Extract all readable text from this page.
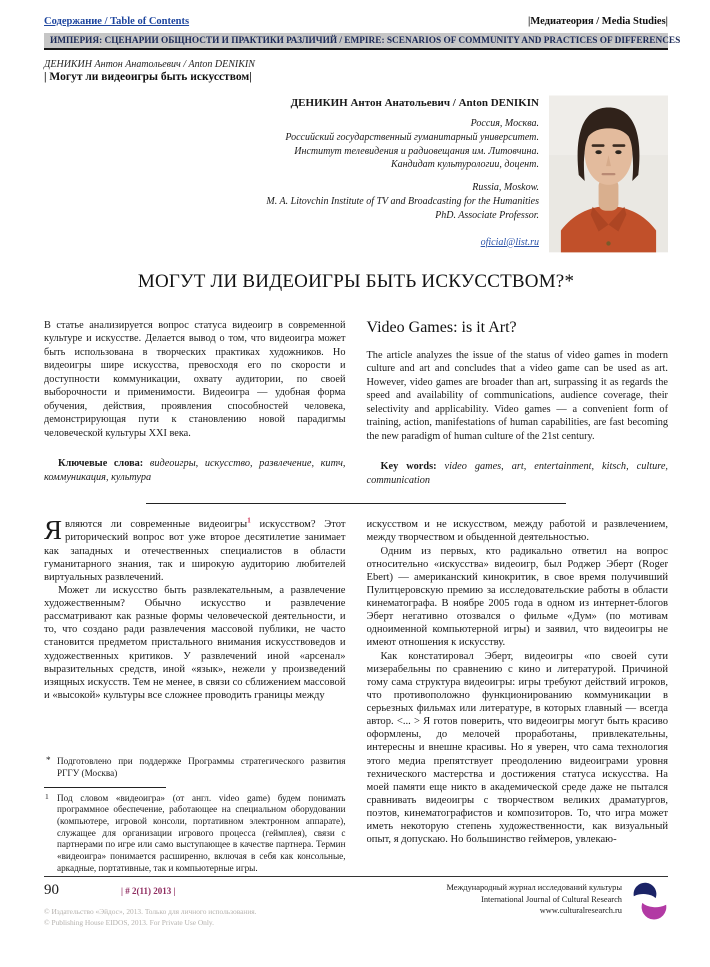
Содержание / Table of Contents	|Медиатеория / Media Studies|
ИМПЕРИЯ: СЦЕНАРИИ ОБЩНОСТИ И ПРАКТИКИ РАЗЛИЧИЙ / EMPIRE: SCENARIOS OF COMMUNITY AND PRACTICES OF DIFFERENCES
ДЕНИКИН Антон Анатольевич / Anton DENIKIN
| Могут ли видеоигры быть искусством|
ДЕНИКИН Антон Анатольевич / Anton DENIKIN
Россия, Москва.
Российский государственный гуманитарный университет.
Институт телевидения и радиовещания им. Литовчина.
Кандидат культурологии, доцент.
Russia, Moskow.
M. A. Litovchin Institute of TV and Broadcasting for the Humanities
PhD. Associate Professor.
oficial@list.ru
МОГУТ ЛИ ВИДЕОИГРЫ БЫТЬ ИСКУССТВОМ?*
В статье анализируется вопрос статуса видеоигр в современной культуре и искусстве. Делается вывод о том, что видеоигра может быть использована в творческих практиках художников. Но видеоигры шире искусства, превосходя его по скорости и доступности коммуникации, охвату аудитории, по своей выборочности и применимости. Видеоигра — удобная форма обучения, действия, проявления способностей человека, демонстрирующая пути к становлению новой парадигмы человеческой культуры XXI века.
Ключевые слова: видеоигры, искусство, развлечение, китч, коммуникация, культура
Video Games: is it Art?
The article analyzes the issue of the status of video games in modern culture and art and concludes that a video game can be used as art. However, video games are broader than art, surpassing it as regards the speed and availability of communications, audience coverage, their selectivity and applicability. Video games — a convenient form of training, action, manifestations of human capabilities, are fast becoming the new paradigm of human culture of the 21st century.
Key words: video games, art, entertainment, kitsch, culture, communication

Являются ли современные видеоигры$^1$ искусством? Этот риторический вопрос вот уже второе десятилетие занимает как западных и отечественных специалистов в области гуманитарного знания, так и широкую аудиторию любителей виртуальных развлечений.

Может ли искусство быть развлекательным, а развлечение художественным? Обычно искусство и развлечение рассматривают как разные формы человеческой деятельности, и то, что создано ради развлечения массовой публики, не часто становится предметом пристального внимания искусствоведов и художественных критиков. У развлечений иной «арсенал» выразительных средств, иной «язык», нежели у произведений изящных искусств. Тем не менее, в связи со сближением массовой и «высокой» культуры все сложнее проводить границы между

* Подготовлено при поддержке Программы стратегического развития РГГУ (Москва)
1 Под словом «видеоигра» (от англ. video game) будем понимать программное обеспечение, работающее на специальном оборудовании (компьютере, игровой консоли, портативном электронном аппарате), служащее для организации игрового процесса (геймплея), связи с партнерами по игре или само выступающее в качестве партнера. Термин «видеоигра» понимается расширенно, включая в себя как консольные, аркадные, портативные, так и компьютерные игры.

искусством и не искусством, между работой и развлечением, между творчеством и обыденной деятельностью.

Одним из первых, кто радикально ответил на вопрос относительно «искусства» видеоигр, был Роджер Эберт (Roger Ebert) — американский кинокритик, в свое время получивший Пулитцеровскую премию за исследовательские работы в области кинематографа. В ноябре 2005 года в одном из интернет-блогов Эберт негативно отозвался о фильме «Дум» (по мотивам одноименной компьютерной игры) и заявил, что видеоигры не имеют отношения к искусству.

Как констатировал Эберт, видеоигры «по своей сути мизерабельны по сравнению с кино и литературой. Причиной тому сама структура видеоигры: игры требуют действий игроков, что противоположно функционированию коммуникации в серьезных фильмах или литературе, в которых главный — всегда автор. <... > Я готов поверить, что видеоигры могут быть красиво оформлены, до мелочей проработаны, привлекательны, интересны и внешне красивы. Но я уверен, что сама технология этого медиа препятствует преодолению видеоиграми уровня технического мастерства и достижения статуса искусства. На моей памяти еще никто в академической среде даже не пытался сравнивать видеоигры с творчеством великих драматургов, поэтов, кинематографистов и композиторов. То, что игра может иметь некоторую степень художественности, как визуальный опыт, я допускаю. Но большинство геймеров, увлекаю-

90	| # 2(11) 2013 |
© Издательство «Эйдос», 2013. Только для личного использования.
© Publishing House EIDOS, 2013. For Private Use Only.
Международный журнал исследований культуры
International Journal of Cultural Research
www.culturalresearch.ru
